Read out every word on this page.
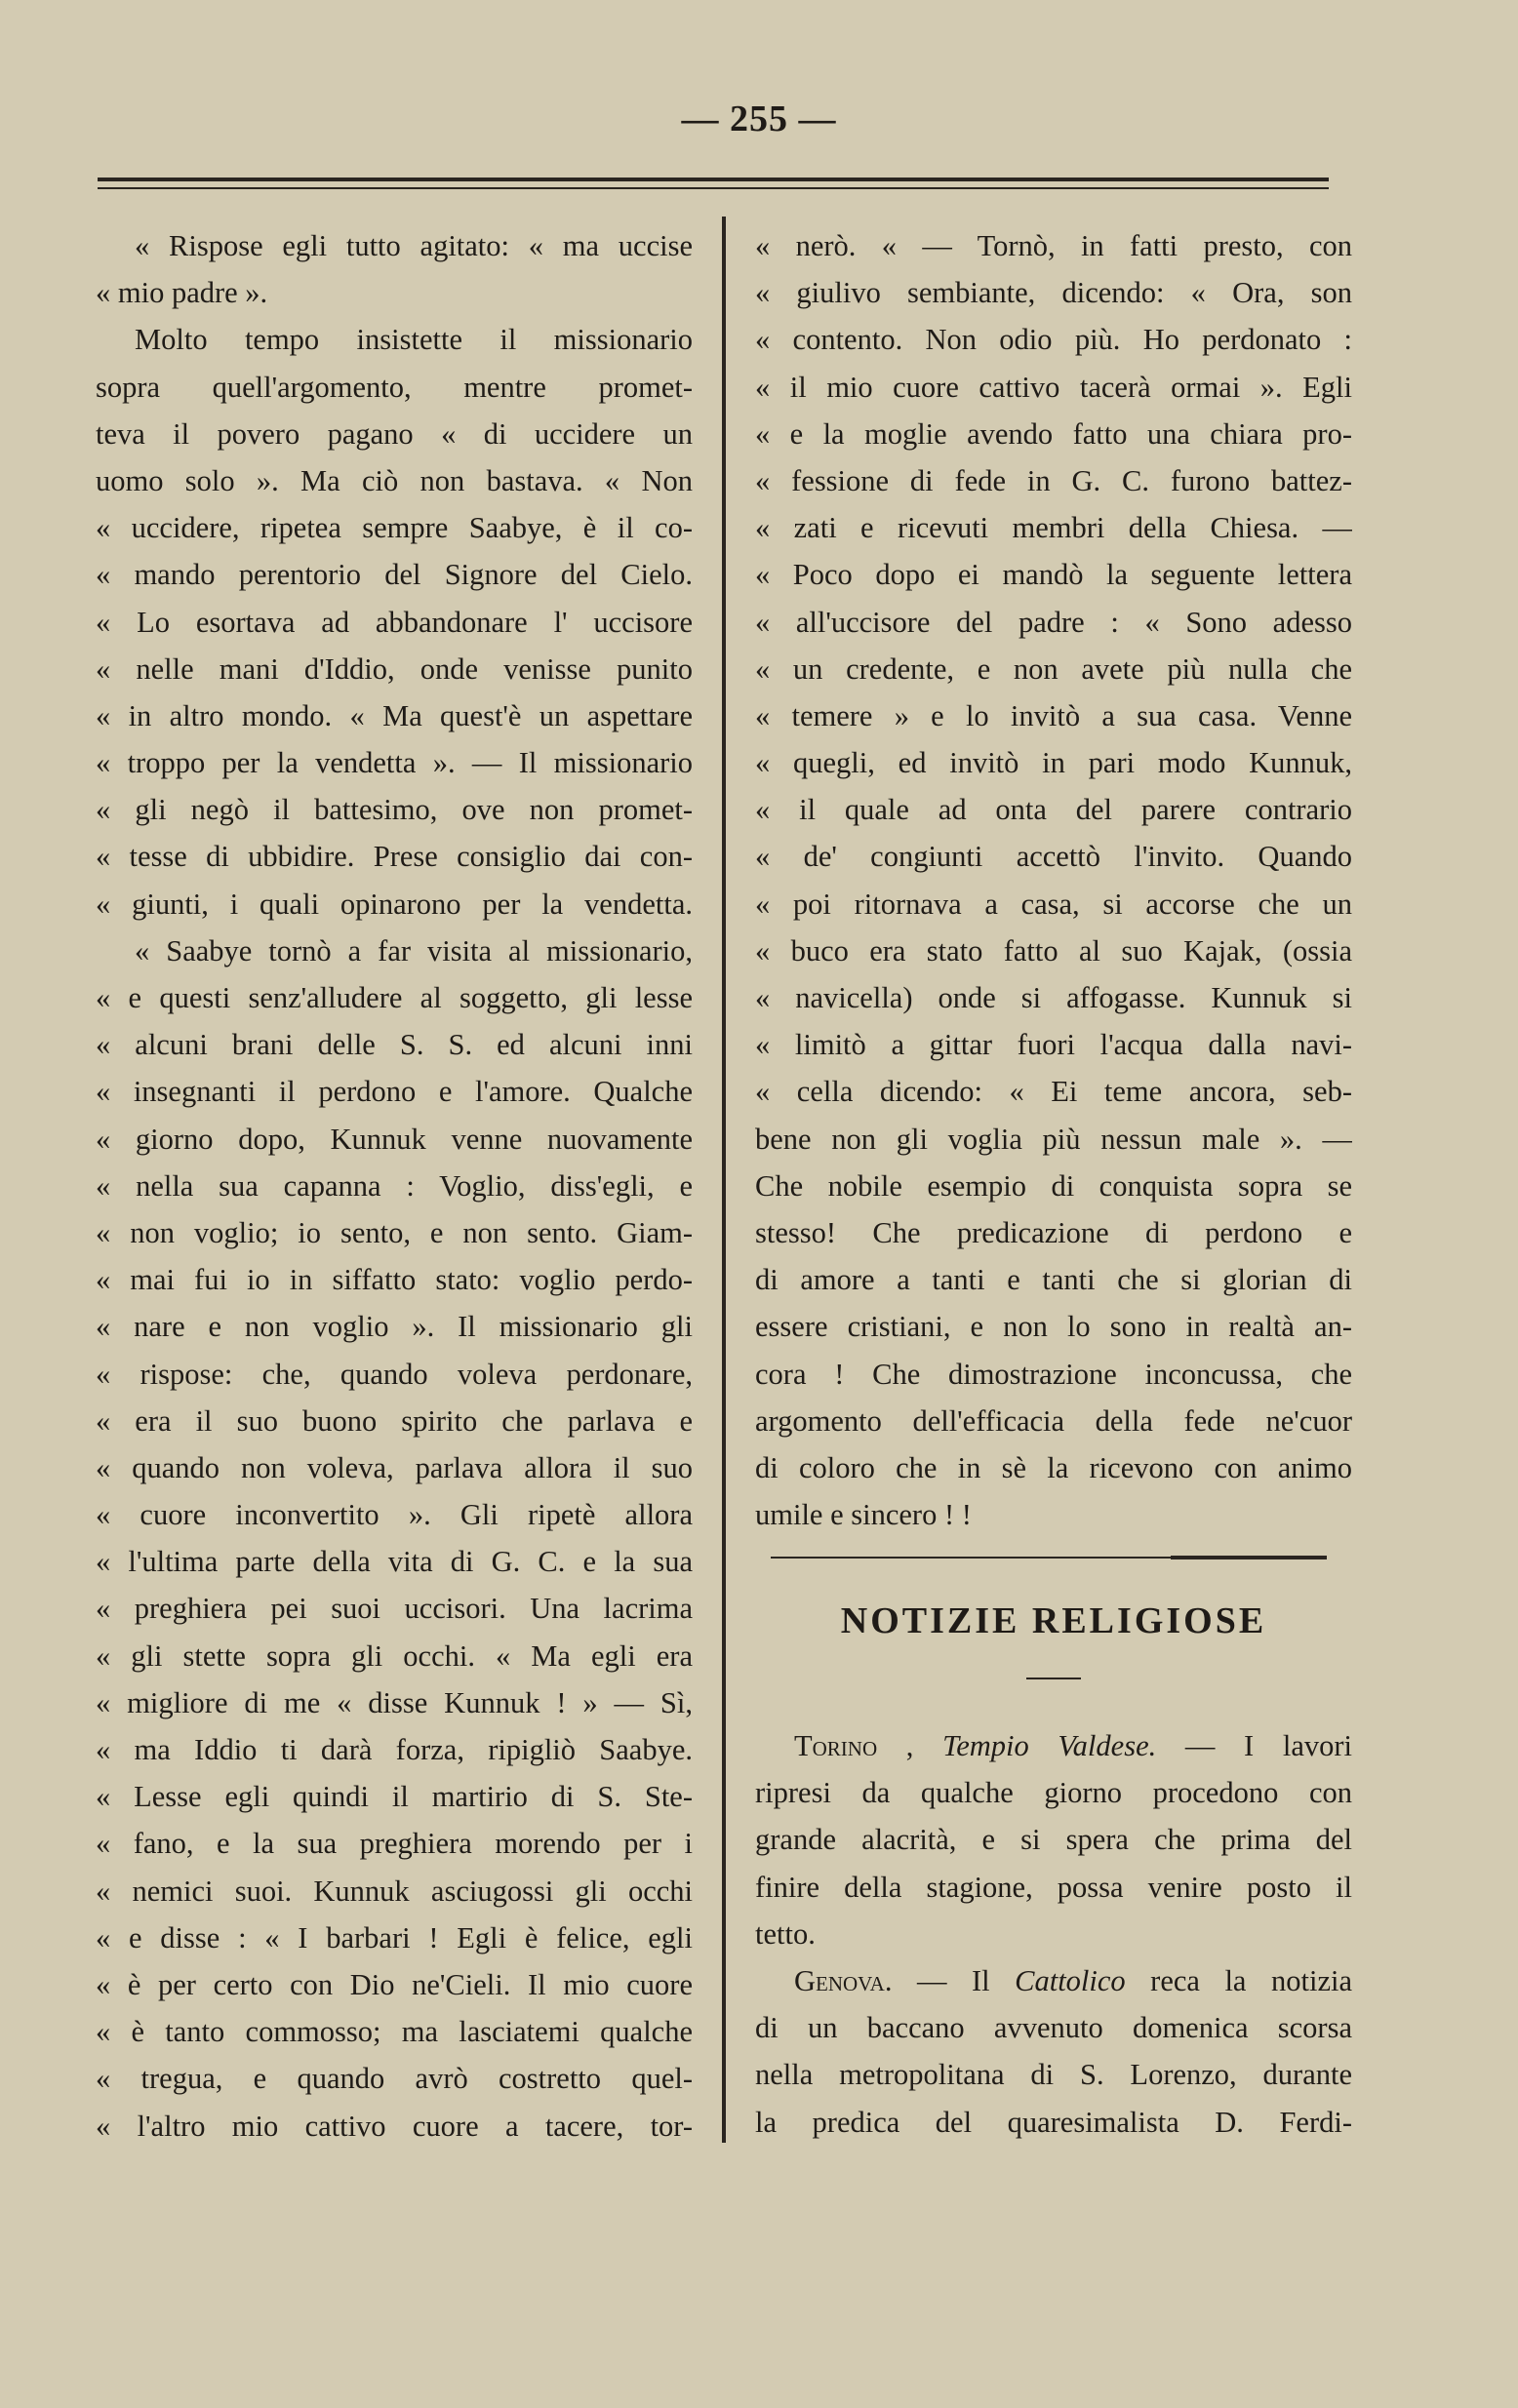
— 255 —
« Rispose egli tutto agitato: « ma uccise
« mio padre ».
Molto tempo insistette il missionario
sopra quell'argomento, mentre promet-
teva il povero pagano « di uccidere un
uomo solo ». Ma ciò non bastava. « Non
« uccidere, ripetea sempre Saabye, è il co-
« mando perentorio del Signore del Cielo.
« Lo esortava ad abbandonare l' uccisore
« nelle mani d'Iddio, onde venisse punito
« in altro mondo. « Ma quest'è un aspettare
« troppo per la vendetta ». — Il missionario
« gli negò il battesimo, ove non promet-
« tesse di ubbidire. Prese consiglio dai con-
« giunti, i quali opinarono per la vendetta.
« Saabye tornò a far visita al missionario,
« e questi senz'alludere al soggetto, gli lesse
« alcuni brani delle S. S. ed alcuni inni
« insegnanti il perdono e l'amore. Qualche
« giorno dopo, Kunnuk venne nuovamente
« nella sua capanna : Voglio, diss'egli, e
« non voglio; io sento, e non sento. Giam-
« mai fui io in siffatto stato: voglio perdo-
« nare e non voglio ». Il missionario gli
« rispose: che, quando voleva perdonare,
« era il suo buono spirito che parlava e
« quando non voleva, parlava allora il suo
« cuore inconvertito ». Gli ripetè allora
« l'ultima parte della vita di G. C. e la sua
« preghiera pei suoi uccisori. Una lacrima
« gli stette sopra gli occhi. « Ma egli era
« migliore di me « disse Kunnuk ! » — Sì,
« ma Iddio ti darà forza, ripigliò Saabye.
« Lesse egli quindi il martirio di S. Ste-
« fano, e la sua preghiera morendo per i
« nemici suoi. Kunnuk asciugossi gli occhi
« e disse : « I barbari ! Egli è felice, egli
« è per certo con Dio ne'Cieli. Il mio cuore
« è tanto commosso; ma lasciatemi qualche
« tregua, e quando avrò costretto quel-
« l'altro mio cattivo cuore a tacere, tor-
« nerò. « — Tornò, in fatti presto, con
« giulivo sembiante, dicendo: « Ora, son
« contento. Non odio più. Ho perdonato :
« il mio cuore cattivo tacerà ormai ». Egli
« e la moglie avendo fatto una chiara pro-
« fessione di fede in G. C. furono battez-
« zati e ricevuti membri della Chiesa. —
« Poco dopo ei mandò la seguente lettera
« all'uccisore del padre : « Sono adesso
« un credente, e non avete più nulla che
« temere » e lo invitò a sua casa. Venne
« quegli, ed invitò in pari modo Kunnuk,
« il quale ad onta del parere contrario
« de' congiunti accettò l'invito. Quando
« poi ritornava a casa, si accorse che un
« buco era stato fatto al suo Kajak, (ossia
« navicella) onde si affogasse. Kunnuk si
« limitò a gittar fuori l'acqua dalla navi-
« cella dicendo: « Ei teme ancora, seb-
bene non gli voglia più nessun male ». —
Che nobile esempio di conquista sopra se
stesso! Che predicazione di perdono e
di amore a tanti e tanti che si glorian di
essere cristiani, e non lo sono in realtà an-
cora ! Che dimostrazione inconcussa, che
argomento dell'efficacia della fede ne'cuor
di coloro che in sè la ricevono con animo
umile e sincero ! !
NOTIZIE RELIGIOSE
Torino , Tempio Valdese. — I lavori
ripresi da qualche giorno procedono con
grande alacrità, e si spera che prima del
finire della stagione, possa venire posto il
tetto.
Genova. — Il Cattolico reca la notizia
di un baccano avvenuto domenica scorsa
nella metropolitana di S. Lorenzo, durante
la predica del quaresimalista D. Ferdi-
